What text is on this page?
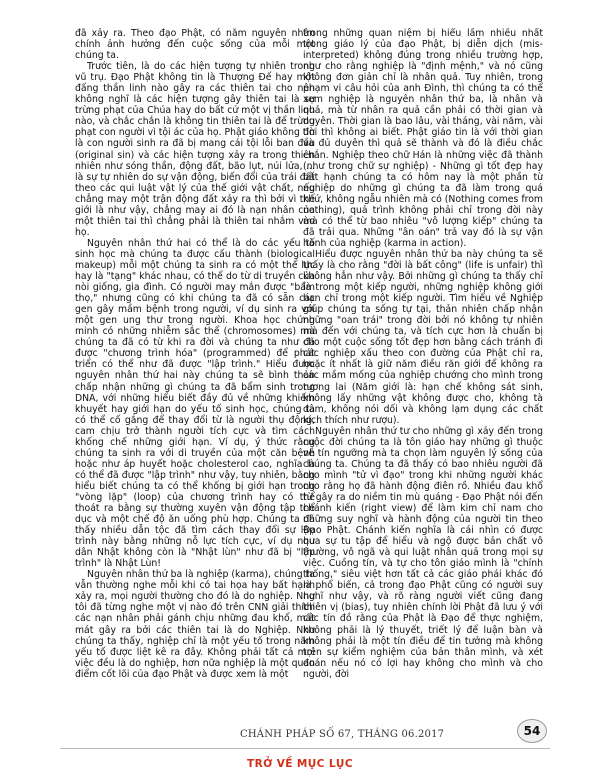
đã xảy ra. Theo đạo Phật, có năm nguyên nhân chính ảnh hưởng đến cuộc sống của mỗi một chúng ta.

Trước tiên, là do các hiện tượng tự nhiên trong vũ trụ. Đạo Phật không tin là Thượng Đế hay một đấng thần linh nào gây ra các thiên tai cho nên không nghĩ là các hiện tượng gây thiên tai là sự trừng phạt của Chúa hay do bất cứ một vị thần linh nào, và chắc chắn là không tin thiên tai là để trừng phạt con người vì tội ác của họ. Phật giáo không tin là con người sinh ra đã bị mang cái tội lỗi ban đầu (original sin) và các hiện tượng xảy ra trong thiên nhiên như sóng thần, động đất, bão lụt, núi lửa, ... là sự tự nhiên do sự vận động, biến đổi của trái đất theo các qui luật vật lý của thế giới vật chất, nếu chẳng may một trận động đất xảy ra thì bởi vì thế giới là như vậy, chẳng may ai đó là nạn nhân của một thiên tai thì chẳng phải là thiên tai nhắm vào họ.

Nguyên nhân thứ hai có thể là do các yếu tố sinh học mà chúng ta được cấu thành (biological makeup) mỗi một chúng ta sinh ra có một thể lực hay là "tạng" khác nhau, có thể do từ di truyền của nòi giống, gia đình. Có người may mắn được "bẩm thọ," nhưng cũng có khi chúng ta đã có sẵn các gen gây mầm bệnh trong người, ví dụ sinh ra với một gen ung thư trong người. Khoa học chứng minh có những nhiễm sắc thể (chromosomes) mà chúng ta đã có từ khi ra đời và chúng ta như đã được "chương trình hóa" (programmed) để phát triển có thể như đã được "lập trình." Hiểu được nguyên nhân thứ hai này chúng ta sẽ bình thản chấp nhận những gì chúng ta đã bẩm sinh trong DNA, với những hiểu biết đầy đủ về những khiếm khuyết hay giới hạn do yếu tố sinh học, chúng ta có thể cố gắng để thay đổi từ là người thụ động, cam chịu trở thành người tích cực và tìm cách khống chế những giới hạn. Ví dụ, ý thức rằng chúng ta sinh ra với di truyền của một căn bệnh hoặc như áp huyết hoặc cholesterol cao, nghĩa là có thể đã được "lập trình" như vậy, tuy nhiên, bằng hiểu biết chúng ta có thể khống bị giới hạn trong "vòng lặp" (loop) của chương trình hay có thể thoát ra bằng sự thường xuyên vận động tập thể dục và một chế độ ăn uống phù hợp. Chúng ta đã thấy nhiều dẫn tộc đã tìm cách thay đổi sự lập trình này bằng những nỗ lực tích cực, ví dụ như dân Nhật không còn là "Nhật lùn" như đã bị "lập trình" là Nhật Lùn!

Nguyên nhân thứ ba là nghiệp (karma), chúng ta vẫn thường nghe mỗi khi có tai họa hay bất hạnh xảy ra, mọi người thường cho đó là do nghiệp. Như tôi đã từng nghe một vị nào đó trên CNN giải thích các nạn nhân phải gánh chịu những đau khổ, mất mát gây ra bởi các thiên tai là do Nghiệp. Như chúng ta thấy, nghiệp chỉ là một yếu tố trong năm yếu tố được liệt kê ra đây. Không phải tất cả mọi việc đều là do nghiệp, hơn nữa nghiệp là một quan điểm cốt lõi của đạo Phật và được xem là một

trong những quan niệm bị hiểu lầm nhiều nhất trong giáo lý của đạo Phật, bị diễn dịch (mis-interpreted) không đúng trong nhiều trường hợp, như cho rằng nghiệp là "định mệnh," và nó cũng không đơn giản chỉ là nhân quả. Tuy nhiên, trong phạm vi câu hỏi của anh Đình, thì chúng ta có thể xem nghiệp là nguyên nhân thứ ba, là nhân và quả, mà từ nhân ra quả cần phải có thời gian và duyên. Thời gian là bao lâu, vài tháng, vài năm, vài đời thì không ai biết. Phật giáo tin là với thời gian và đủ duyên thì quả sẽ thành và đó là điều chắc chắn. Nghiệp theo chữ Hán là những việc đã thành (như trong chữ sự nghiệp) - Những gì tốt đẹp hay bất hạnh chúng ta có hôm nay là một phần từ nghiệp do những gì chúng ta đã làm trong quá khứ, không ngẫu nhiên mà có (Nothing comes from nothing), quả trình không phải chỉ trong đời này mà có thể từ bao nhiêu "vô lượng kiếp" chúng ta đã trải qua. Những "ân oán" trả vay đó là sự vận hành của nghiệp (karma in action).

Hiểu được nguyên nhân thứ ba này chúng ta sẽ thấy là cho rằng "đời là bất công" (life is unfair) thì không hẳn như vậy. Bởi những gì chúng ta thấy chỉ là trong một kiếp người, những nghiệp không giới hạn chỉ trong một kiếp người. Tìm hiểu về Nghiệp giúp chúng ta sống tự tại, thản nhiên chấp nhận những "oan trái" trong đời bởi nó không tự nhiên mà đến với chúng ta, và tích cực hơn là chuẩn bị cho một cuộc sống tốt đẹp hơn bằng cách tránh đi các nghiệp xấu theo con đường của Phật chỉ ra, hoặc ít nhất là giữ năm điều răn giới để không ra các mầm mống của nghiệp chướng cho mình trong tương lai (Năm giới là: hạn chế không sát sinh, không lấy những vật không được cho, không tà dâm, không nói dối và không lạm dụng các chất kích thích như rượu).

Nguyên nhân thứ tư cho những gì xảy đến trong cuộc đời chúng ta là tôn giáo hay những gì thuộc về tín ngưỡng mà ta chọn làm nguyên lý sống của chúng ta. Chúng ta đã thấy có bao nhiêu người đã cho mình "tử vì đạo" trong khi những người khác cho rằng họ đã hành động điên rồ. Nhiều đau khổ từ gây ra do niềm tin mù quáng - Đạo Phật nói đến chánh kiến (right view) để làm kim chỉ nam cho những suy nghĩ và hành động của người tin theo Đạo Phật. Chánh kiến nghĩa là cái nhìn có được qua sự tu tập để hiểu và ngộ được bản chất vô thường, vô ngã và qui luật nhân quả trong mọi sự việc. Cuồng tín, và tự cho tôn giáo mình là "chính thống," siêu việt hơn tất cả các giáo phái khác đó là phổ biến, cả trong đạo Phật cũng có người suy nghĩ như vậy, và rõ ràng người viết cũng đang thiên vị (bias), tuy nhiên chính lời Phật đã lưu ý với các tín đồ rằng của Phật là Đạo để thực nghiệm, không phải là lý thuyết, triết lý để luận bàn và không phải là một tín điều để tin tưởng mà không trên sự kiểm nghiệm của bản thân mình, và xét đoán nếu nó có lợi hay không cho mình và cho người, đời

CHÁNH PHÁP SỐ 67, THÁNG 06.2017	54
TRỞ VỀ MỤC LỤC
